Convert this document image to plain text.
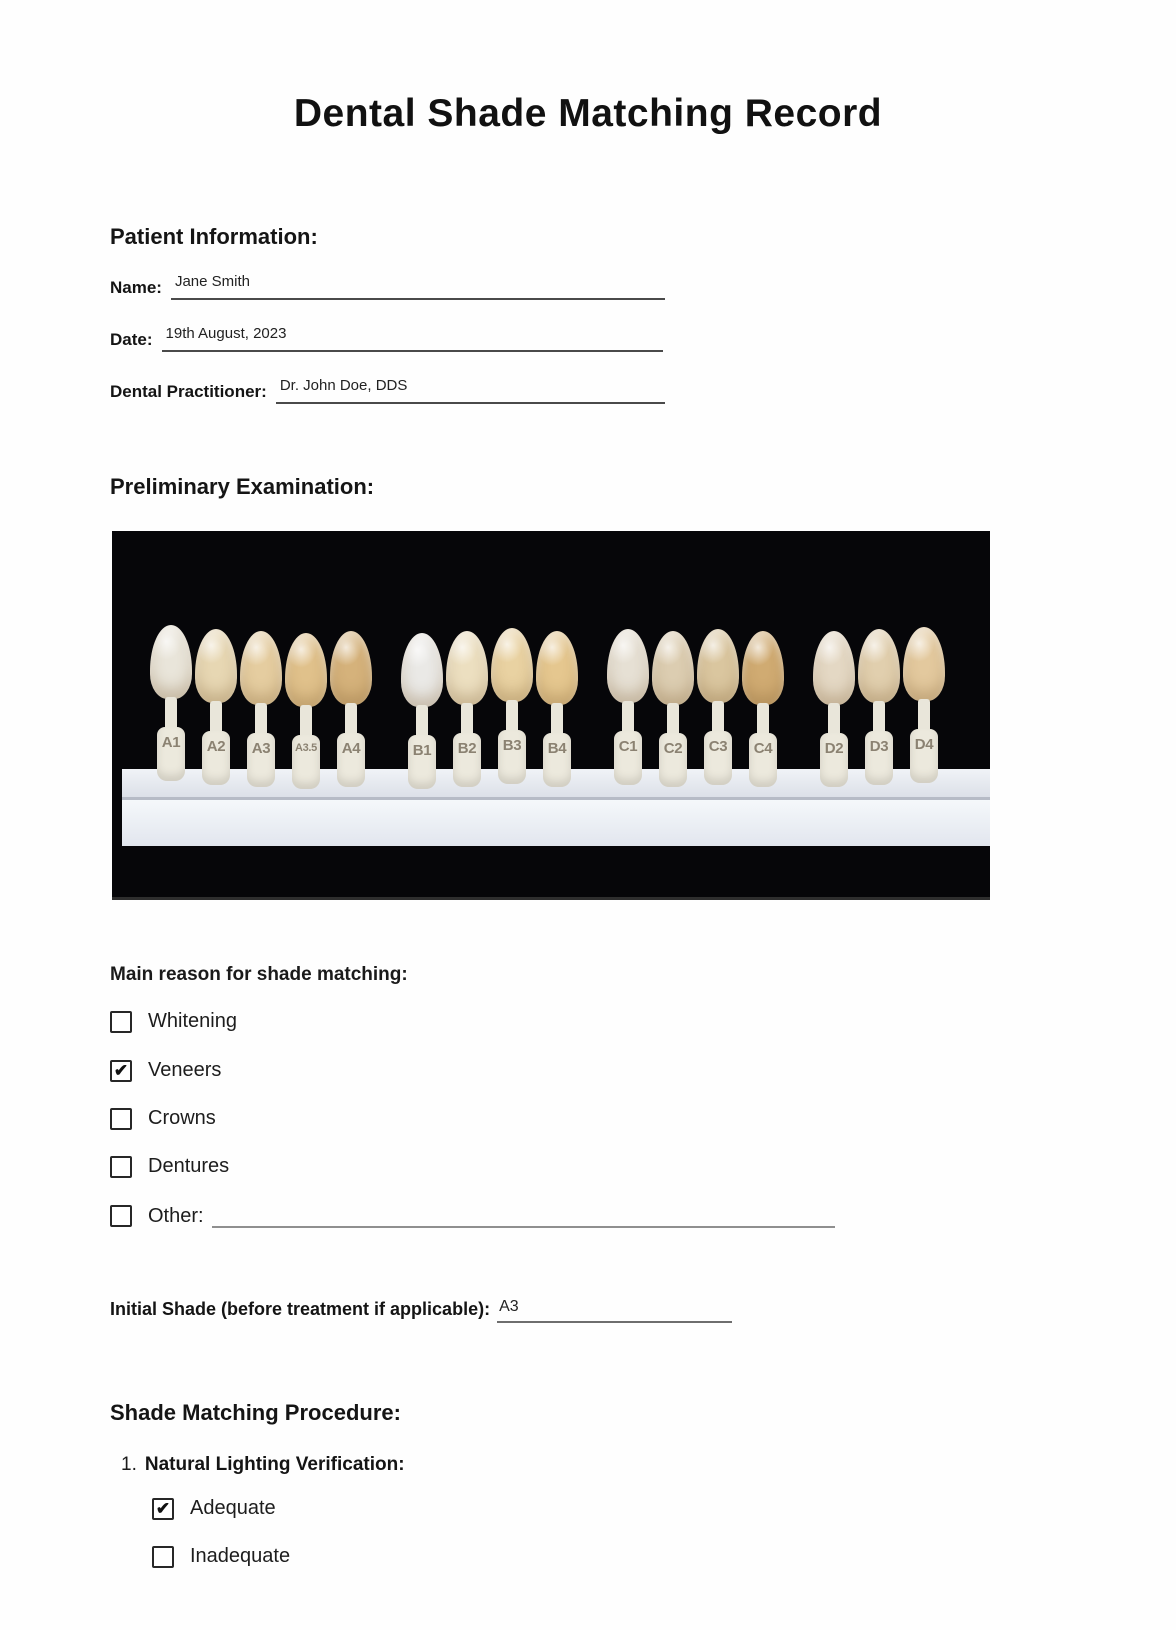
Dental Shade Matching Record
Patient Information:
Name: Jane Smith
Date: 19th August, 2023
Dental Practitioner: Dr. John Doe, DDS
Preliminary Examination:
A1 A2 A3 A3.5 A4	B1 B2 B3 B4	C1 C2 C3 C4	D2 D3 D4
Main reason for shade matching:
Whitening
✔ Veneers
Crowns
Dentures
Other:
Initial Shade (before treatment if applicable): A3
Shade Matching Procedure:
1. Natural Lighting Verification:
✔ Adequate
Inadequate
